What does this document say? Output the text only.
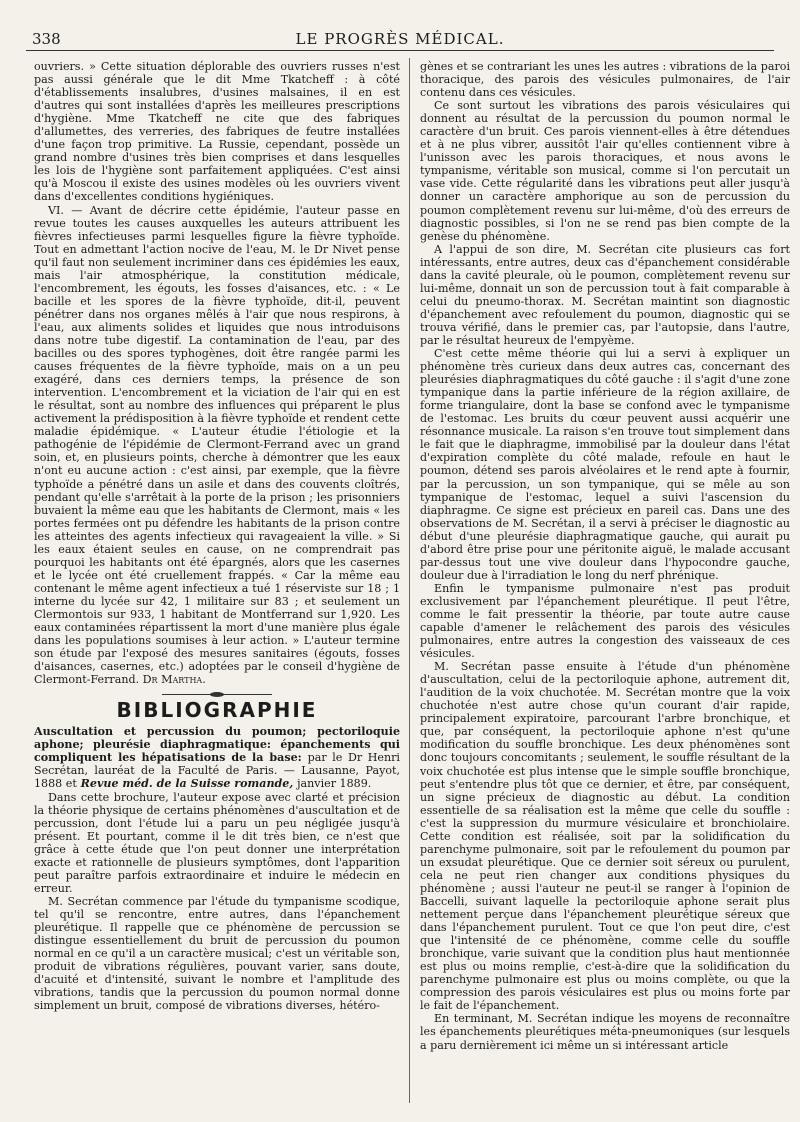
338	LE PROGRÈS MÉDICAL.

ouvriers. » Cette situation déplorable des ouvriers russes n'est pas aussi générale que le dit Mme Tkatcheff : à côté d'établissements insalubres, d'usines malsaines, il en est d'autres qui sont installées d'après les meilleures prescriptions d'hygiène. Mme Tkatcheff ne cite que des fabriques d'allumettes, des verreries, des fabriques de feutre installées d'une façon trop primitive. La Russie, cependant, possède un grand nombre d'usines très bien comprises et dans lesquelles les lois de l'hygiène sont parfaitement appliquées. C'est ainsi qu'à Moscou il existe des usines modèles où les ouvriers vivent dans d'excellentes conditions hygiéniques.

VI. — Avant de décrire cette épidémie, l'auteur passe en revue toutes les causes auxquelles les auteurs attribuent les fièvres infectieuses parmi lesquelles figure la fièvre typhoïde. Tout en admettant l'action nocive de l'eau, M. le Dr Nivet pense qu'il faut non seulement incriminer dans ces épidémies les eaux, mais l'air atmosphérique, la constitution médicale, l'encombrement, les égouts, les fosses d'aisances, etc. : « Le bacille et les spores de la fièvre typhoïde, dit-il, peuvent pénétrer dans nos organes mêlés à l'air que nous respirons, à l'eau, aux aliments solides et liquides que nous introduisons dans notre tube digestif. La contamination de l'eau, par des bacilles ou des spores typhogènes, doit être rangée parmi les causes fréquentes de la fièvre typhoïde, mais on a un peu exagéré, dans ces derniers temps, la présence de son intervention. L'encombrement et la viciation de l'air qui en est le résultat, sont au nombre des influences qui préparent le plus activement la prédisposition à la fièvre typhoïde et rendent cette maladie épidémique. « L'auteur étudie l'étiologie et la pathogénie de l'épidémie de Clermont-Ferrand avec un grand soin, et, en plusieurs points, cherche à démontrer que les eaux n'ont eu aucune action : c'est ainsi, par exemple, que la fièvre typhoïde a pénétré dans un asile et dans des couvents cloîtrés, pendant qu'elle s'arrêtait à la porte de la prison ; les prisonniers buvaient la même eau que les habitants de Clermont, mais « les portes fermées ont pu défendre les habitants de la prison contre les atteintes des agents infectieux qui ravageaient la ville. » Si les eaux étaient seules en cause, on ne comprendrait pas pourquoi les habitants ont été épargnés, alors que les casernes et le lycée ont été cruellement frappés. « Car la même eau contenant le même agent infectieux a tué 1 réserviste sur 18 ; 1 interne du lycée sur 42, 1 militaire sur 83 ; et seulement un Clermontois sur 933, 1 habitant de Montferrand sur 1,920. Les eaux contaminées répartissent la mort d'une manière plus égale dans les populations soumises à leur action. » L'auteur termine son étude par l'exposé des mesures sanitaires (égouts, fosses d'aisances, casernes, etc.) adoptées par le conseil d'hygiène de Clermont-Ferrand. Dr Martha.

BIBLIOGRAPHIE

Auscultation et percussion du poumon; pectoriloquie aphone; pleurésie diaphragmatique: épanchements qui compliquent les hépatisations de la base: par le Dr Henri Secrétan, lauréat de la Faculté de Paris. — Lausanne, Payot, 1888 et Revue méd. de la Suisse romande, janvier 1889.

Dans cette brochure, l'auteur expose avec clarté et précision la théorie physique de certains phénomènes d'auscultation et de percussion, dont l'étude lui a paru un peu négligée jusqu'à présent. Et pourtant, comme il le dit très bien, ce n'est que grâce à cette étude que l'on peut donner une interprétation exacte et rationnelle de plusieurs symptômes, dont l'apparition peut paraître parfois extraordinaire et induire le médecin en erreur.

M. Secrétan commence par l'étude du tympanisme scodique, tel qu'il se rencontre, entre autres, dans l'épanchement pleurétique. Il rappelle que ce phénomène de percussion se distingue essentiellement du bruit de percussion du poumon normal en ce qu'il a un caractère musical; c'est un véritable son, produit de vibrations régulières, pouvant varier, sans doute, d'acuité et d'intensité, suivant le nombre et l'amplitude des vibrations, tandis que la percussion du poumon normal donne simplement un bruit, composé de vibrations diverses, hétéro-

gènes et se contrariant les unes les autres : vibrations de la paroi thoracique, des parois des vésicules pulmonaires, de l'air contenu dans ces vésicules.

Ce sont surtout les vibrations des parois vésiculaires qui donnent au résultat de la percussion du poumon normal le caractère d'un bruit. Ces parois viennent-elles à être détendues et à ne plus vibrer, aussitôt l'air qu'elles contiennent vibre à l'unisson avec les parois thoraciques, et nous avons le tympanisme, véritable son musical, comme si l'on percutait un vase vide. Cette régularité dans les vibrations peut aller jusqu'à donner un caractère amphorique au son de percussion du poumon complètement revenu sur lui-même, d'où des erreurs de diagnostic possibles, si l'on ne se rend pas bien compte de la genèse du phénomène.

A l'appui de son dire, M. Secrétan cite plusieurs cas fort intéressants, entre autres, deux cas d'épanchement considérable dans la cavité pleurale, où le poumon, complètement revenu sur lui-même, donnait un son de percussion tout à fait comparable à celui du pneumo-thorax. M. Secrétan maintint son diagnostic d'épanchement avec refoulement du poumon, diagnostic qui se trouva vérifié, dans le premier cas, par l'autopsie, dans l'autre, par le résultat heureux de l'empyème.

C'est cette même théorie qui lui a servi à expliquer un phénomène très curieux dans deux autres cas, concernant des pleurésies diaphragmatiques du côté gauche : il s'agit d'une zone tympanique dans la partie inférieure de la région axillaire, de forme triangulaire, dont la base se confond avec le tympanisme de l'estomac. Les bruits du cœur peuvent aussi acquérir une résonnance musicale. La raison s'en trouve tout simplement dans le fait que le diaphragme, immobilisé par la douleur dans l'état d'expiration complète du côté malade, refoule en haut le poumon, détend ses parois alvéolaires et le rend apte à fournir, par la percussion, un son tympanique, qui se mêle au son tympanique de l'estomac, lequel a suivi l'ascension du diaphragme. Ce signe est précieux en pareil cas. Dans une des observations de M. Secrétan, il a servi à préciser le diagnostic au début d'une pleurésie diaphragmatique gauche, qui aurait pu d'abord être prise pour une péritonite aiguë, le malade accusant par-dessus tout une vive douleur dans l'hypocondre gauche, douleur due à l'irradiation le long du nerf phrénique.

Enfin le tympanisme pulmonaire n'est pas produit exclusivement par l'épanchement pleurétique. Il peut l'être, comme le fait pressentir la théorie, par toute autre cause capable d'amener le relâchement des parois des vésicules pulmonaires, entre autres la congestion des vaisseaux de ces vésicules.

M. Secrétan passe ensuite à l'étude d'un phénomène d'auscultation, celui de la pectoriloquie aphone, autrement dit, l'audition de la voix chuchotée. M. Secrétan montre que la voix chuchotée n'est autre chose qu'un courant d'air rapide, principalement expiratoire, parcourant l'arbre bronchique, et que, par conséquent, la pectoriloquie aphone n'est qu'une modification du souffle bronchique. Les deux phénomènes sont donc toujours concomitants ; seulement, le souffle résultant de la voix chuchotée est plus intense que le simple souffle bronchique, peut s'entendre plus tôt que ce dernier, et être, par conséquent, un signe précieux de diagnostic au début. La condition essentielle de sa réalisation est la même que celle du souffle : c'est la suppression du murmure vésiculaire et bronchiolaire. Cette condition est réalisée, soit par la solidification du parenchyme pulmonaire, soit par le refoulement du poumon par un exsudat pleurétique. Que ce dernier soit séreux ou purulent, cela ne peut rien changer aux conditions physiques du phénomène ; aussi l'auteur ne peut-il se ranger à l'opinion de Baccelli, suivant laquelle la pectoriloquie aphone serait plus nettement perçue dans l'épanchement pleurétique séreux que dans l'épanchement purulent. Tout ce que l'on peut dire, c'est que l'intensité de ce phénomène, comme celle du souffle bronchique, varie suivant que la condition plus haut mentionnée est plus ou moins remplie, c'est-à-dire que la solidification du parenchyme pulmonaire est plus ou moins complète, ou que la compression des parois vésiculaires est plus ou moins forte par le fait de l'épanchement.

En terminant, M. Secrétan indique les moyens de reconnaître les épanchements pleurétiques méta-pneumoniques (sur lesquels a paru dernièrement ici même un si intéressant article
